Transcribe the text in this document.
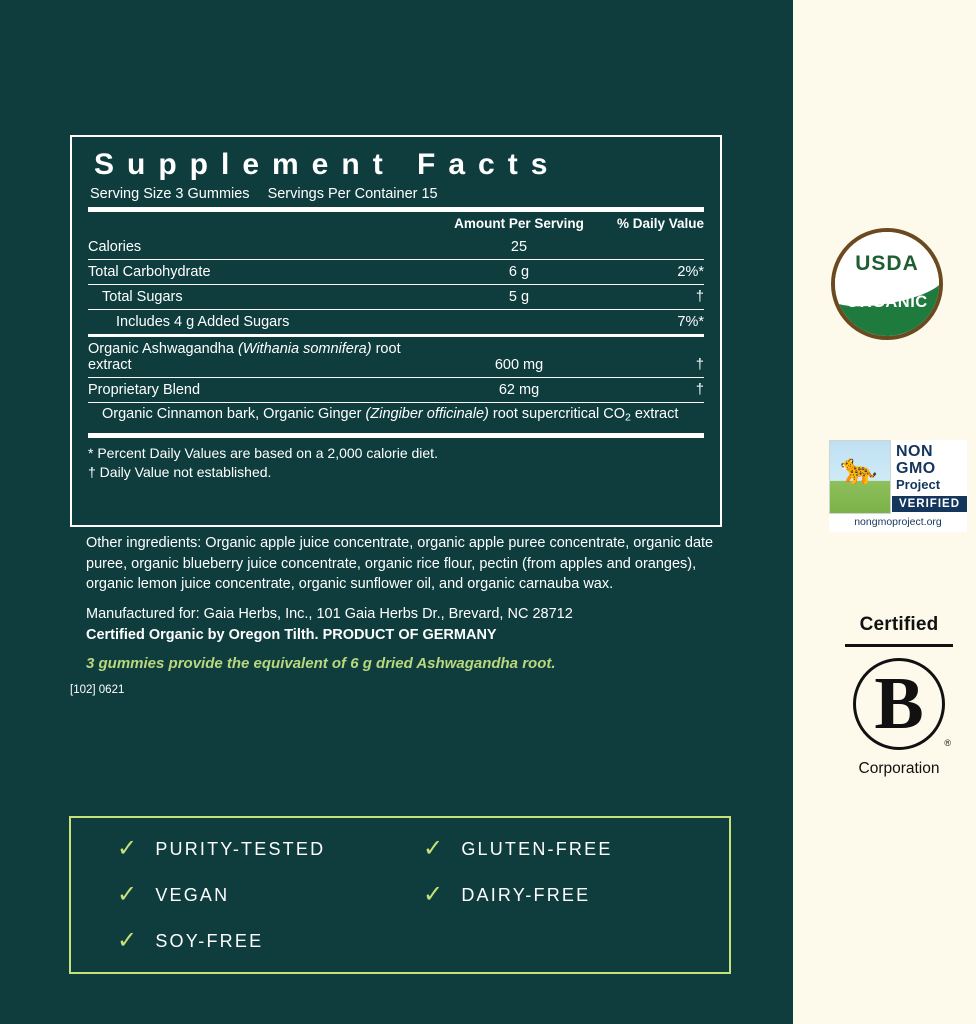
Supplement Facts
Serving Size 3 Gummies Servings Per Container 15
	Amount Per Serving	% Daily Value
Calories	25	
Total Carbohydrate	6 g	2%*
Total Sugars	5 g	†
Includes 4 g Added Sugars		7%*
Organic Ashwagandha (Withania somnifera) root extract	600 mg	†
Proprietary Blend	62 mg	†
Organic Cinnamon bark, Organic Ginger (Zingiber officinale) root supercritical $CO_2$ extract		
* Percent Daily Values are based on a 2,000 calorie diet.
† Daily Value not established.
Other ingredients: Organic apple juice concentrate, organic apple puree concentrate, organic date puree, organic blueberry juice concentrate, organic rice flour, pectin (from apples and oranges), organic lemon juice concentrate, organic sunflower oil, and organic carnauba wax.
Manufactured for: Gaia Herbs, Inc., 101 Gaia Herbs Dr., Brevard, NC 28712
Certified Organic by Oregon Tilth. PRODUCT OF GERMANY
3 gummies provide the equivalent of 6 g dried Ashwagandha root.
[102] 0621
✓ PURITY-TESTED	✓ GLUTEN-FREE
✓ VEGAN	✓ DAIRY-FREE
✓ SOY-FREE
USDA
ORGANIC
🐆
NON
GMO
Project
VERIFIED
nongmoproject.org
Certified
B	®
Corporation
